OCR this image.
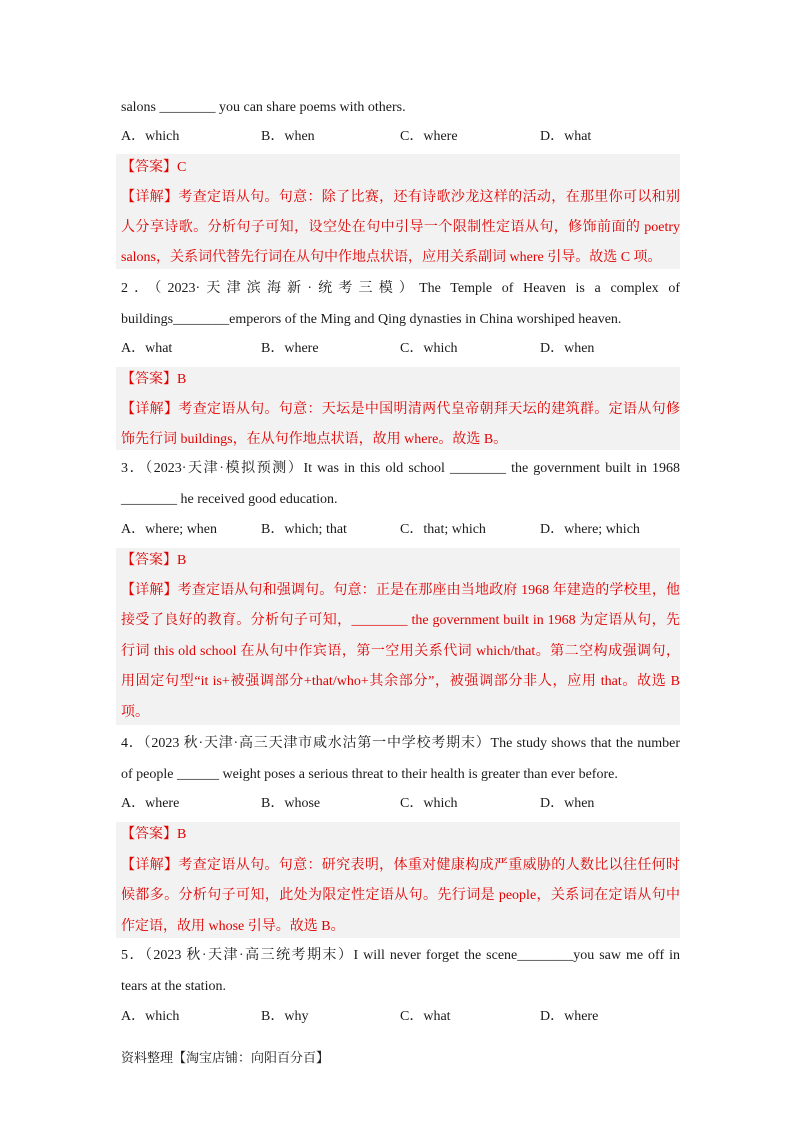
salons ________ you can share poems with others.
A．which	B．when	C．where	D．what
【答案】C
【详解】考查定语从句。句意：除了比赛，还有诗歌沙龙这样的活动，在那里你可以和别
人分享诗歌。分析句子可知，设空处在句中引导一个限制性定语从句，修饰前面的 poetry
salons，关系词代替先行词在从句中作地点状语，应用关系副词 where 引导。故选 C 项。
2．（2023·天津滨海新·统考三模）The Temple of Heaven is a complex of
buildings________emperors of the Ming and Qing dynasties in China worshiped heaven.
A．what	B．where	C．which	D．when
【答案】B
【详解】考查定语从句。句意：天坛是中国明清两代皇帝朝拜天坛的建筑群。定语从句修
饰先行词 buildings，在从句作地点状语，故用 where。故选 B。
3．（2023·天津·模拟预测）It was in this old school ________ the government built in 1968
________ he received good education.
A．where; when	B．which; that	C．that; which	D．where; which
【答案】B
【详解】考查定语从句和强调句。句意：正是在那座由当地政府 1968 年建造的学校里，他
接受了良好的教育。分析句子可知，________ the government built in 1968 为定语从句，先
行词 this old school 在从句中作宾语，第一空用关系代词 which/that。第二空构成强调句，
用固定句型“it is+被强调部分+that/who+其余部分”，被强调部分非人，应用 that。故选 B
项。
4．（2023 秋·天津·高三天津市咸水沽第一中学校考期末）The study shows that the number
of people ______ weight poses a serious threat to their health is greater than ever before.
A．where	B．whose	C．which	D．when
【答案】B
【详解】考查定语从句。句意：研究表明，体重对健康构成严重威胁的人数比以往任何时
候都多。分析句子可知，此处为限定性定语从句。先行词是 people，关系词在定语从句中
作定语，故用 whose 引导。故选 B。
5．（2023 秋·天津·高三统考期末）I will never forget the scene________you saw me off in
tears at the station.
A．which	B．why	C．what	D．where
资料整理【淘宝店铺：向阳百分百】
